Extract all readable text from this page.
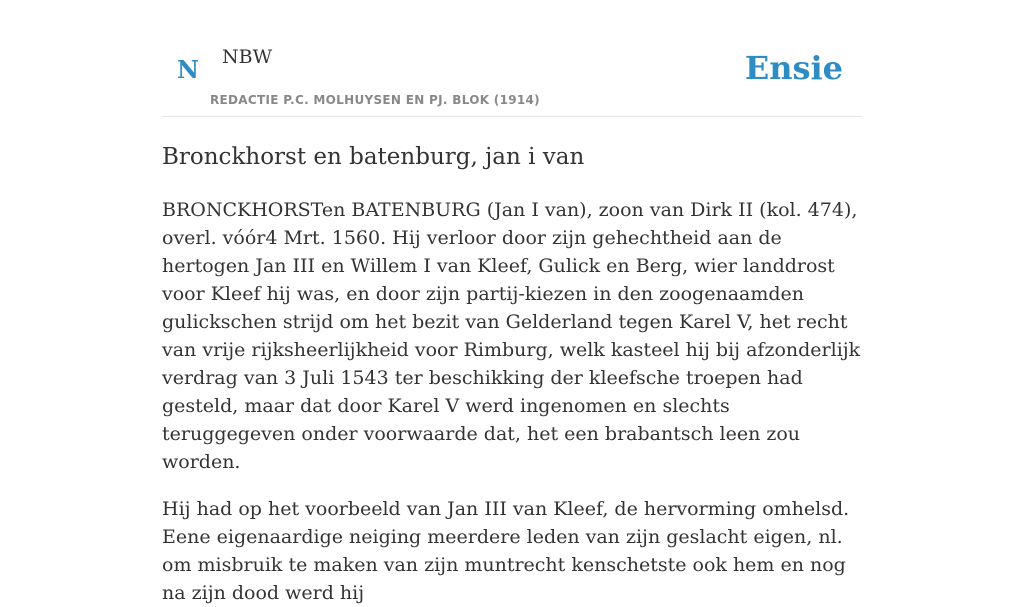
N NBW
REDACTIE P.C. MOLHUYSEN EN PJ. BLOK (1914)
Ensie
Bronckhorst en batenburg, jan i van

BRONCKHORSTen BATENBURG (Jan I van), zoon van Dirk II (kol. 474), overl. vóór4 Mrt. 1560. Hij verloor door zijn gehechtheid aan de hertogen Jan III en Willem I van Kleef, Gulick en Berg, wier landdrost voor Kleef hij was, en door zijn partij-kiezen in den zoogenaamden gulickschen strijd om het bezit van Gelderland tegen Karel V, het recht van vrije rijksheerlijkheid voor Rimburg, welk kasteel hij bij afzonderlijk verdrag van 3 Juli 1543 ter beschikking der kleefsche troepen had gesteld, maar dat door Karel V werd ingenomen en slechts teruggegeven onder voorwaarde dat, het een brabantsch leen zou worden.

Hij had op het voorbeeld van Jan III van Kleef, de hervorming omhelsd. Eene eigenaardige neiging meerdere leden van zijn geslacht eigen, nl. om misbruik te maken van zijn muntrecht kenschetste ook hem en nog na zijn dood werd hij
